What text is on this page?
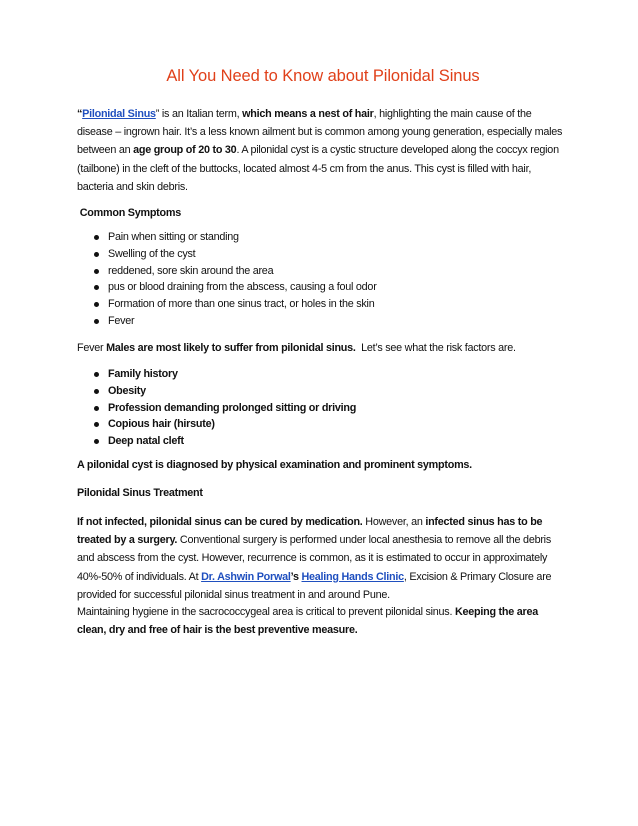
All You Need to Know about Pilonidal Sinus

“Pilonidal Sinus” is an Italian term, which means a nest of hair, highlighting the main cause of the disease – ingrown hair. It’s a less known ailment but is common among young generation, especially males between an age group of 20 to 30. A pilonidal cyst is a cystic structure developed along the coccyx region (tailbone) in the cleft of the buttocks, located almost 4-5 cm from the anus. This cyst is filled with hair, bacteria and skin debris.

Common Symptoms

Pain when sitting or standing
Swelling of the cyst
reddened, sore skin around the area
pus or blood draining from the abscess, causing a foul odor
Formation of more than one sinus tract, or holes in the skin
Fever

Fever Males are most likely to suffer from pilonidal sinus.  Let’s see what the risk factors are.

Family history
Obesity
Profession demanding prolonged sitting or driving
Copious hair (hirsute)
Deep natal cleft

A pilonidal cyst is diagnosed by physical examination and prominent symptoms.

Pilonidal Sinus Treatment

If not infected, pilonidal sinus can be cured by medication. However, an infected sinus has to be treated by a surgery. Conventional surgery is performed under local anesthesia to remove all the debris and abscess from the cyst. However, recurrence is common, as it is estimated to occur in approximately 40%-50% of individuals. At Dr. Ashwin Porwal’s Healing Hands Clinic, Excision & Primary Closure are provided for successful pilonidal sinus treatment in and around Pune.

Maintaining hygiene in the sacrococcygeal area is critical to prevent pilonidal sinus. Keeping the area clean, dry and free of hair is the best preventive measure.
